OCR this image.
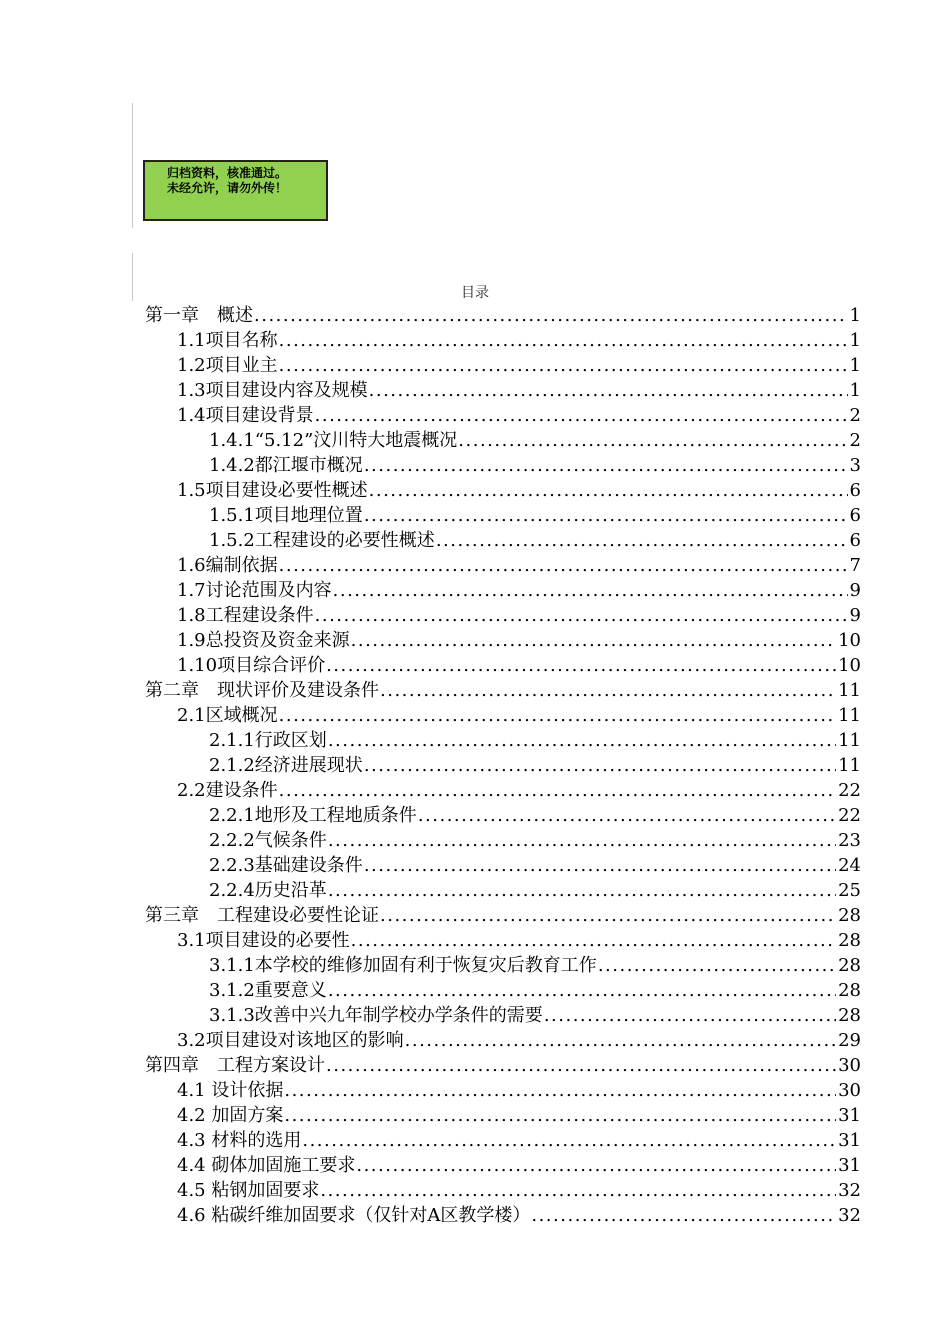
归档资料，核准通过。
未经允许，请勿外传！
目录
第一章　概述 .....	1
1.1项目名称 .....	1
1.2项目业主 .....	1
1.3项目建设内容及规模 .....	1
1.4项目建设背景 .....	2
1.4.1“5.12”汶川特大地震概况 .....	2
1.4.2都江堰市概况 .....	3
1.5项目建设必要性概述 .....	6
1.5.1项目地理位置 .....	6
1.5.2工程建设的必要性概述 .....	6
1.6编制依据 .....	7
1.7讨论范围及内容 .....	9
1.8工程建设条件 .....	9
1.9总投资及资金来源 .....	10
1.10项目综合评价 .....	10
第二章　现状评价及建设条件 .....	11
2.1区域概况 .....	11
2.1.1行政区划 .....	11
2.1.2经济进展现状 .....	11
2.2建设条件 .....	22
2.2.1地形及工程地质条件 .....	22
2.2.2气候条件 .....	23
2.2.3基础建设条件 .....	24
2.2.4历史沿革 .....	25
第三章　工程建设必要性论证 .....	28
3.1项目建设的必要性 .....	28
3.1.1本学校的维修加固有利于恢复灾后教育工作 .....	28
3.1.2重要意义 .....	28
3.1.3改善中兴九年制学校办学条件的需要 .....	28
3.2项目建设对该地区的影响 .....	29
第四章　工程方案设计 .....	30
4.1 设计依据 .....	30
4.2 加固方案 .....	31
4.3 材料的选用 .....	31
4.4 砌体加固施工要求 .....	31
4.5 粘钢加固要求 .....	32
4.6 粘碳纤维加固要求（仅针对A区教学楼） .....	32
